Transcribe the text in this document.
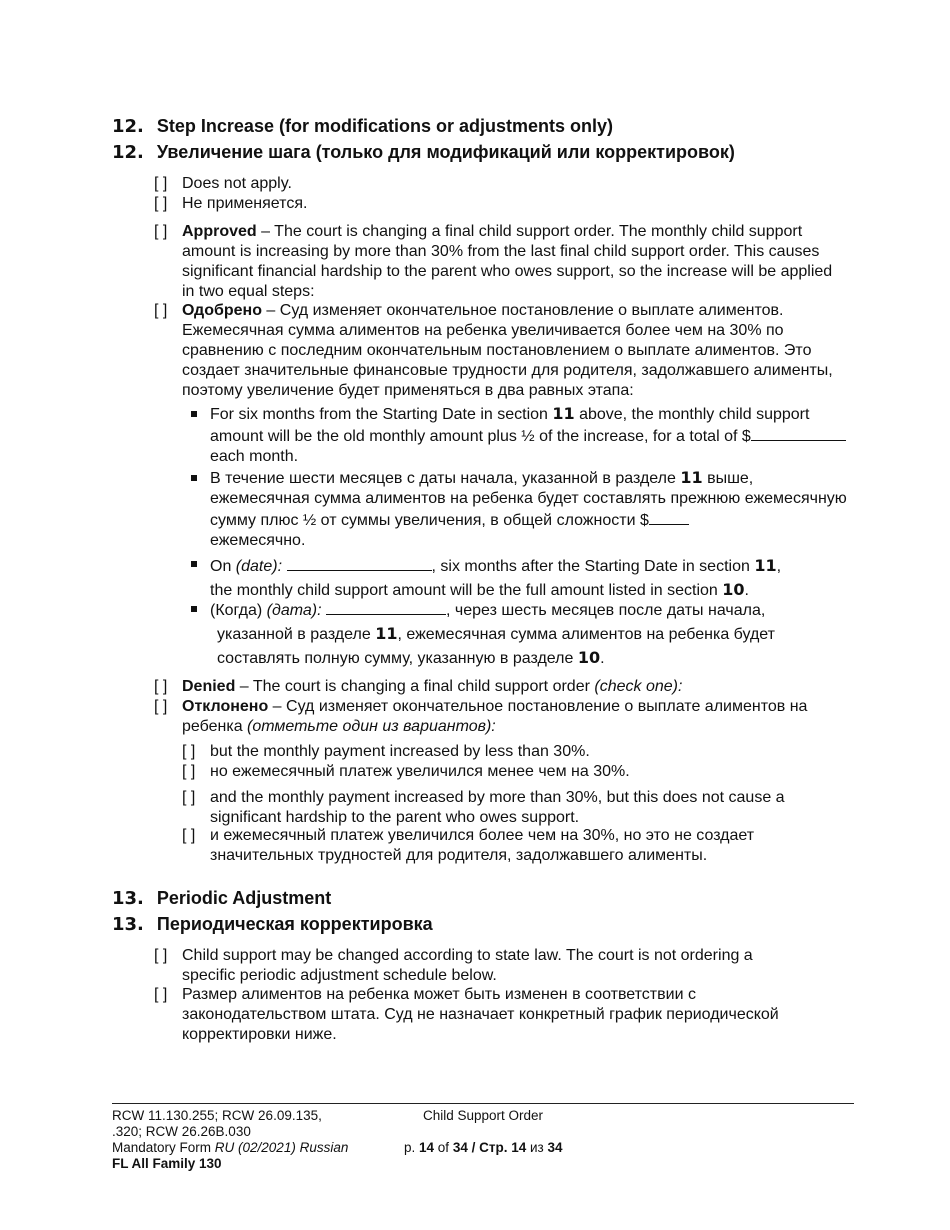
12. Step Increase (for modifications or adjustments only)
12. Увеличение шага (только для модификаций или корректировок)
[ ] Does not apply.
[ ] Не применяется.
[ ] Approved – The court is changing a final child support order. The monthly child support amount is increasing by more than 30% from the last final child support order. This causes significant financial hardship to the parent who owes support, so the increase will be applied in two equal steps:
[ ] Одобрено – Суд изменяет окончательное постановление о выплате алиментов. Ежемесячная сумма алиментов на ребенка увеличивается более чем на 30% по сравнению с последним окончательным постановлением о выплате алиментов. Это создает значительные финансовые трудности для родителя, задолжавшего алименты, поэтому увеличение будет применяться в два равных этапа:
For six months from the Starting Date in section 11 above, the monthly child support amount will be the old monthly amount plus ½ of the increase, for a total of $ each month.
В течение шести месяцев с даты начала, указанной в разделе 11 выше, ежемесячная сумма алиментов на ребенка будет составлять прежнюю ежемесячную сумму плюс ½ от суммы увеличения, в общей сложности $
ежемесячно.
On (date):	, six months after the Starting Date in section 11,
the monthly child support amount will be the full amount listed in section 10.
(Когда) (дата):	, через шесть месяцев после даты начала,
указанной в разделе 11, ежемесячная сумма алиментов на ребенка будет
составлять полную сумму, указанную в разделе 10.
[ ] Denied – The court is changing a final child support order (check one):
[ ] Отклонено – Суд изменяет окончательное постановление о выплате алиментов на ребенка (отметьте один из вариантов):
[ ] but the monthly payment increased by less than 30%.
[ ] но ежемесячный платеж увеличился менее чем на 30%.
[ ] and the monthly payment increased by more than 30%, but this does not cause a significant hardship to the parent who owes support.
[ ] и ежемесячный платеж увеличился более чем на 30%, но это не создает значительных трудностей для родителя, задолжавшего алименты.
13. Periodic Adjustment
13. Периодическая корректировка
[ ] Child support may be changed according to state law. The court is not ordering a specific periodic adjustment schedule below.
[ ] Размер алиментов на ребенка может быть изменен в соответствии с законодательством штата. Суд не назначает конкретный график периодической корректировки ниже.
RCW 11.130.255; RCW 26.09.135,
.320; RCW 26.26B.030
Mandatory Form RU (02/2021) Russian
FL All Family 130
Child Support Order
p. 14 of 34 / Стр. 14 из 34
